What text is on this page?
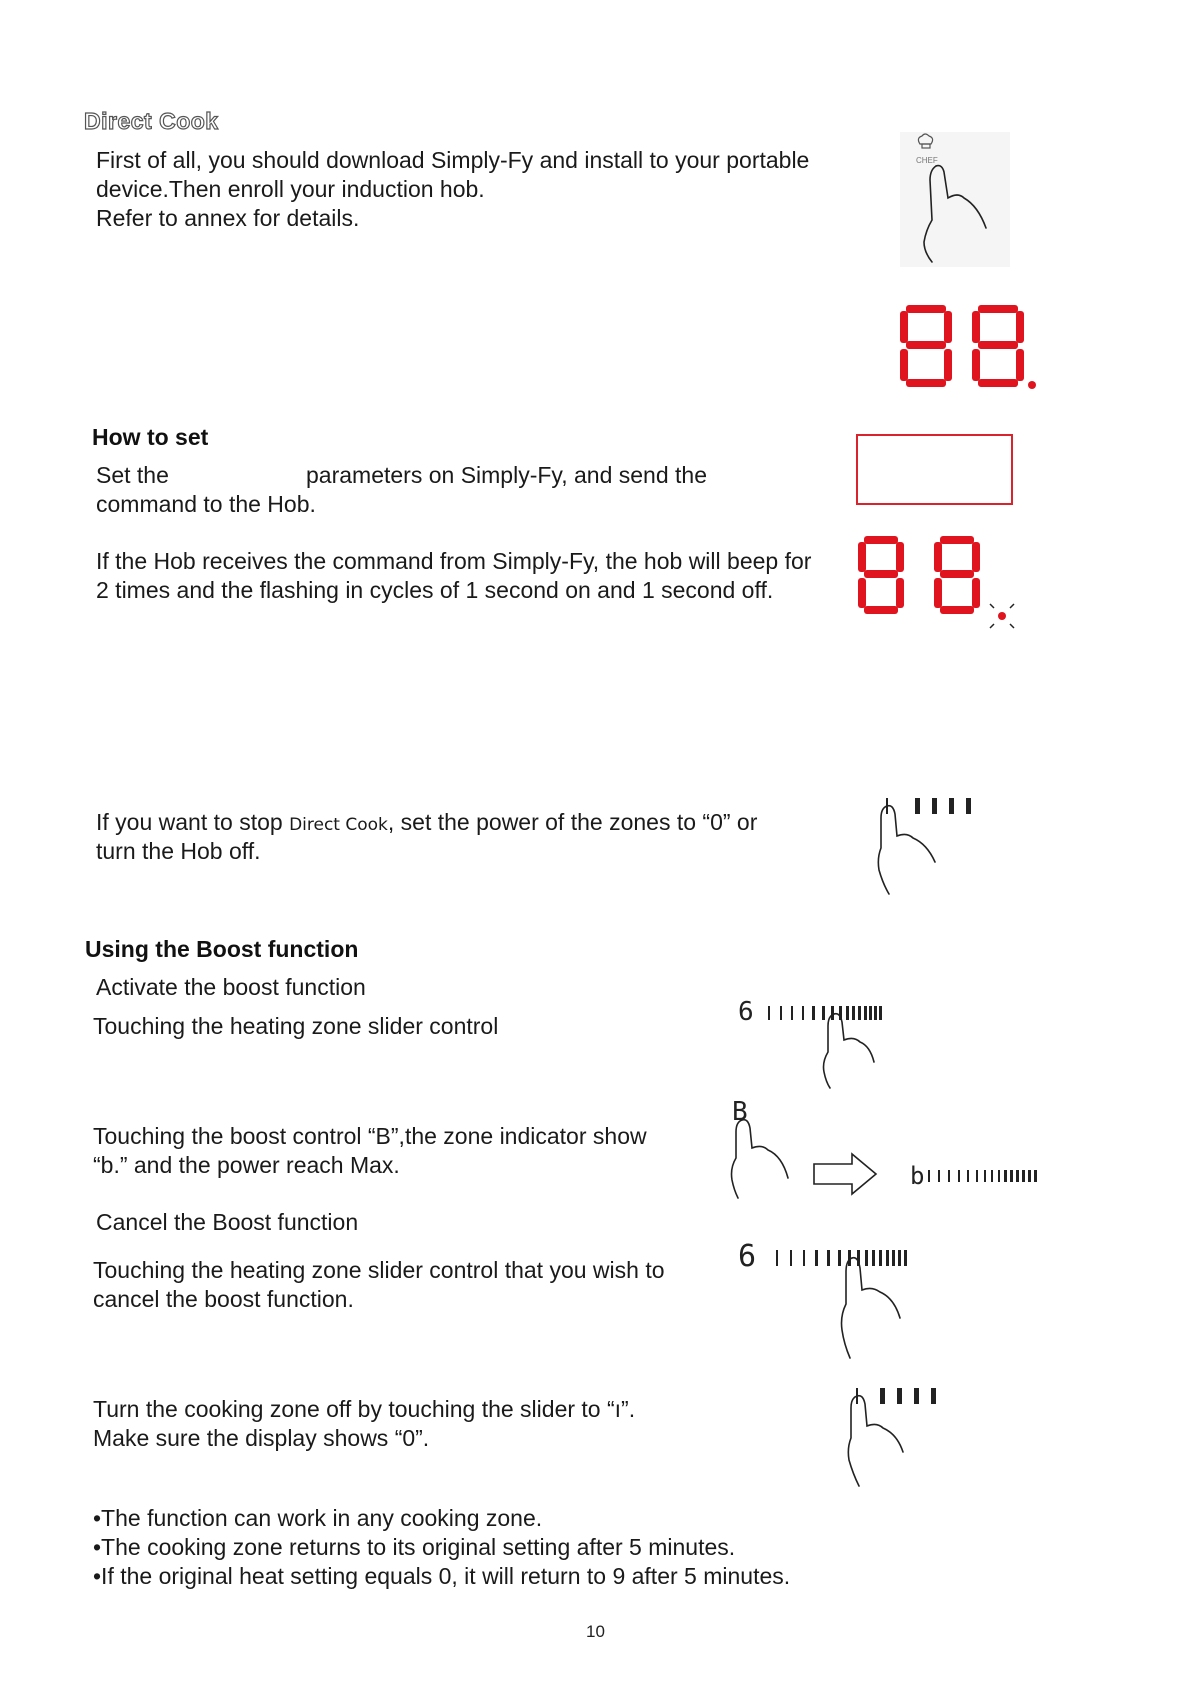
Direct Cook
First of all, you should download Simply-Fy and install to your portable
device.Then enroll your induction hob.
Refer to annex for details.
CHEF
How to set
Set the	parameters on Simply-Fy, and send the
command to the Hob.
If the Hob receives the command from Simply-Fy, the hob will beep for
2 times and the flashing in cycles of 1 second on and 1 second off.
If you want to stop Direct Cook, set the power of the zones to “0” or
turn the Hob off.
Using the Boost function
Activate the boost function
Touching the heating zone slider control	6
Touching the boost control “B”,the zone indicator show
“b.” and the power reach Max.
B
b
Cancel the Boost function
Touching the heating zone slider control that you wish to
cancel the boost function.
6
Turn the cooking zone off by touching the slider to “ı”.
Make sure the display shows “0”.
•The function can work in any cooking zone.
•The cooking zone returns to its original setting after 5 minutes.
•If the original heat setting equals 0, it will return to 9 after 5 minutes.
10
